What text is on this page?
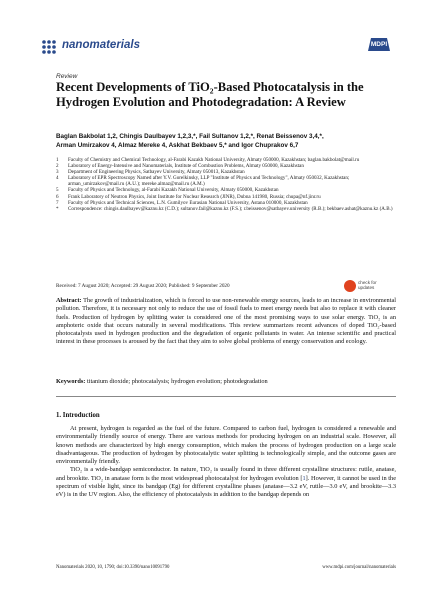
nanomaterials	MDPI
Review
Recent Developments of TiO₂-Based Photocatalysis in the Hydrogen Evolution and Photodegradation: A Review
Baglan Bakbolat 1,2, Chingis Daulbayev 1,2,3,*, Fail Sultanov 1,2,*, Renat Beissenov 3,4,*,
Arman Umirzakov 4, Almaz Mereke 4, Askhat Bekbaev 5,* and Igor Chuprakov 6,7
1 Faculty of Chemistry and Chemical Technology, al-Farabi Kazakh National University, Almaty 050000, Kazakhstan; baglan.bakbolat@mail.ru
2 Laboratory of Energy-Intensive and Nanomaterials, Institute of Combustion Problems, Almaty 050000, Kazakhstan
3 Department of Engineering Physics, Satbayev University, Almaty 050013, Kazakhstan
4 Laboratory of EPR Spectroscopy Named after Y.V. Gorelkinsky, LLP "Institute of Physics and Technology", Almaty 050032, Kazakhstan; arman_umirzakov@mail.ru (A.U.); mereke.almaz@mail.ru (A.M.)
5 Faculty of Physics and Technology, al-Farabi Kazakh National University, Almaty 050000, Kazakhstan
6 Frank Laboratory of Neutron Physics, Joint Institute for Nuclear Research (JINR), Dubna 141980, Russia; chupa@nf.jinr.ru
7 Faculty of Physics and Technical Sciences, L.N. Gumilyov Eurasian National University, Astana 010000, Kazakhstan
* Correspondence: chingis.daulbayev@kaznu.kz (C.D.); sultanov.fail@kaznu.kz (F.S.); r.beissenov@satbayev.university (R.B.); bekbaev.ashat@kaznu.kz (A.B.)
Received: 7 August 2020; Accepted: 29 August 2020; Published: 9 September 2020
check for
updates
Abstract: The growth of industrialization, which is forced to use non-renewable energy sources, leads to an increase in environmental pollution. Therefore, it is necessary not only to reduce the use of fossil fuels to meet energy needs but also to replace it with cleaner fuels. Production of hydrogen by splitting water is considered one of the most promising ways to use solar energy. TiO₂ is an amphoteric oxide that occurs naturally in several modifications. This review summarizes recent advances of doped TiO₂-based photocatalysts used in hydrogen production and the degradation of organic pollutants in water. An intense scientific and practical interest in these processes is aroused by the fact that they aim to solve global problems of energy conservation and ecology.
Keywords: titanium dioxide; photocatalysis; hydrogen evolution; photodegradation
1. Introduction

At present, hydrogen is regarded as the fuel of the future. Compared to carbon fuel, hydrogen is considered a renewable and environmentally friendly source of energy. There are various methods for producing hydrogen on an industrial scale. However, all known methods are characterized by high energy consumption, which makes the process of hydrogen production on a large scale disadvantageous. The production of hydrogen by photocatalytic water splitting is technologically simple, and the outcome gases are environmentally friendly.

TiO₂ is a wide-bandgap semiconductor. In nature, TiO₂ is usually found in three different crystalline structures: rutile, anatase, and brookite. TiO₂ in anatase form is the most widespread photocatalyst for hydrogen evolution [1]. However, it cannot be used in the spectrum of visible light, since its bandgap (Eg) for different crystalline phases (anatase—3.2 eV, rutile—3.0 eV, and brookite—3.3 eV) is in the UV region. Also, the efficiency of photocatalysis in addition to the bandgap depends on

Nanomaterials 2020, 10, 1790; doi:10.3390/nano10091790	www.mdpi.com/journal/nanomaterials
